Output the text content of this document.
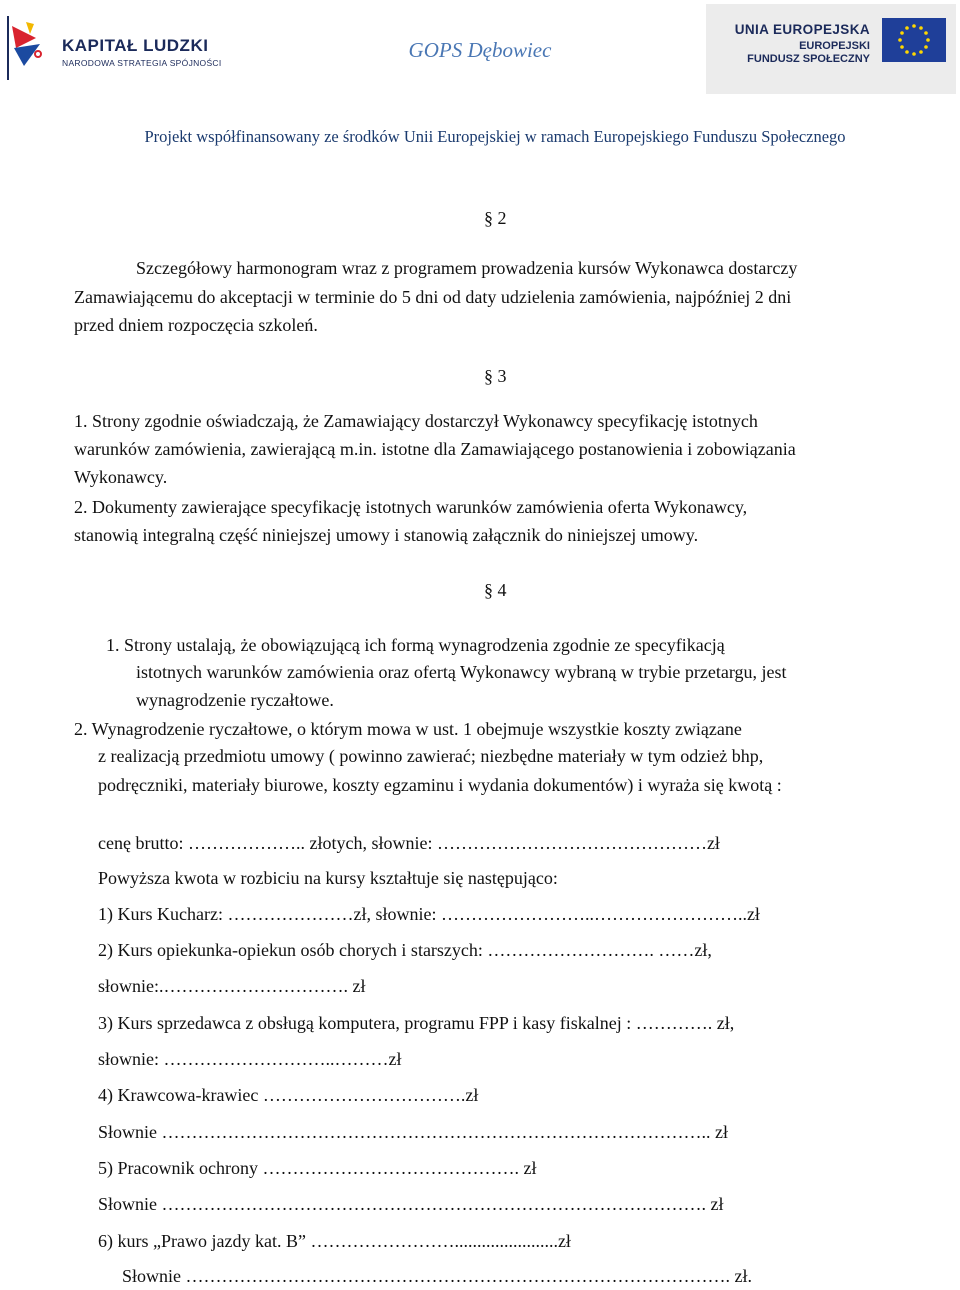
KAPITAŁ LUDZKI
NARODOWA STRATEGIA SPÓJNOŚCI
GOPS Dębowiec
UNIA EUROPEJSKA
EUROPEJSKI
FUNDUSZ SPOŁECZNY
Projekt współfinansowany ze środków Unii Europejskiej w ramach Europejskiego Funduszu Społecznego
§ 2
Szczegółowy harmonogram wraz z programem prowadzenia kursów Wykonawca dostarczy
Zamawiającemu do akceptacji w terminie do 5 dni od daty udzielenia zamówienia, najpóźniej 2 dni
przed dniem rozpoczęcia szkoleń.
§ 3
1. Strony zgodnie oświadczają, że Zamawiający dostarczył Wykonawcy specyfikację istotnych
warunków zamówienia, zawierającą m.in. istotne dla Zamawiającego postanowienia i zobowiązania
Wykonawcy.
2. Dokumenty zawierające specyfikację istotnych warunków zamówienia oferta Wykonawcy,
stanowią integralną część niniejszej umowy i stanowią załącznik do niniejszej umowy.
§ 4
1. Strony ustalają, że obowiązującą ich formą wynagrodzenia zgodnie ze specyfikacją
istotnych warunków zamówienia oraz ofertą Wykonawcy wybraną w trybie przetargu, jest
wynagrodzenie ryczałtowe.
2. Wynagrodzenie ryczałtowe, o którym mowa w ust. 1 obejmuje wszystkie koszty związane
z realizacją przedmiotu umowy ( powinno zawierać; niezbędne materiały w tym odzież bhp,
podręczniki, materiały biurowe, koszty egzaminu i wydania dokumentów) i wyraża się kwotą :
cenę brutto: ……………….. złotych, słownie: ………………………………………zł
Powyższa kwota w rozbiciu na kursy kształtuje się następująco:
1) Kurs Kucharz: …………………zł, słownie: ……………………..……………………..zł
2) Kurs opiekunka-opiekun osób chorych i starszych: ………………………. ……zł,
słownie:.…………………………. zł
3) Kurs sprzedawca z obsługą komputera, programu FPP i kasy fiskalnej : …………. zł,
słownie: ………………………..………zł
4) Krawcowa-krawiec …………………………….zł
Słownie ……………………………………………………………………………….. zł
5) Pracownik ochrony ……………………………………. zł
Słownie ………………………………………………………………………………. zł
6) kurs „Prawo jazdy kat. B” …………………….......................zł
Słownie ………………………………………………………………………………. zł.
